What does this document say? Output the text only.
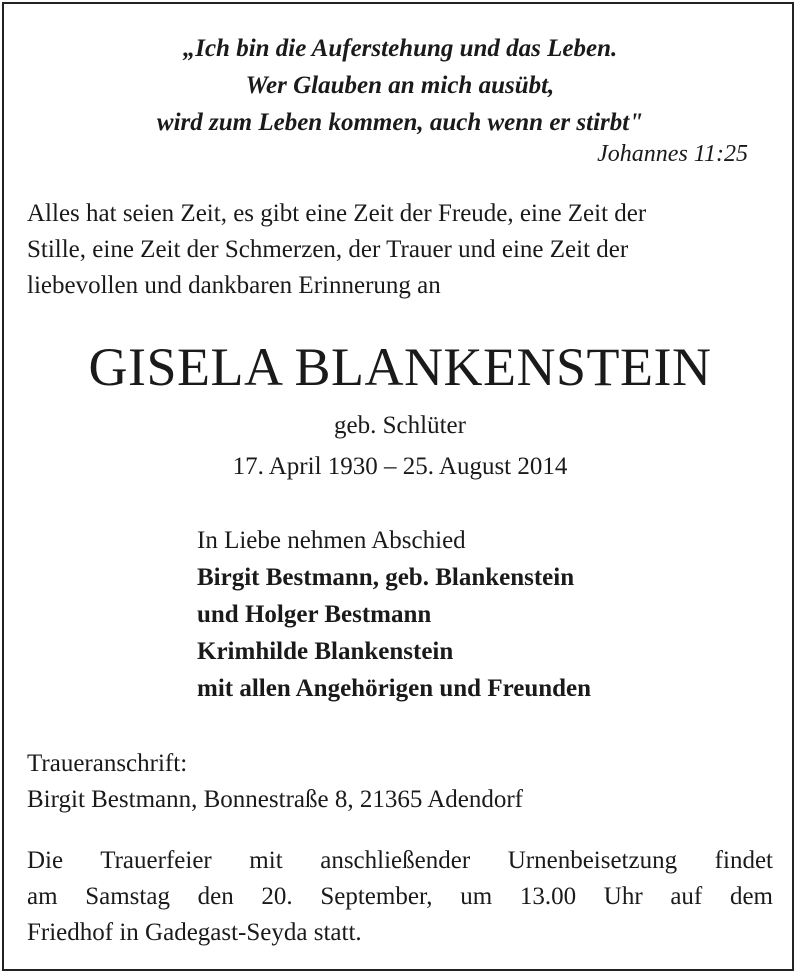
„Ich bin die Auferstehung und das Leben.
Wer Glauben an mich ausübt,
wird zum Leben kommen, auch wenn er stirbt"
Johannes 11:25
Alles hat seien Zeit, es gibt eine Zeit der Freude, eine Zeit der
Stille, eine Zeit der Schmerzen, der Trauer und eine Zeit der
liebevollen und dankbaren Erinnerung an
GISELA BLANKENSTEIN
geb. Schlüter
17. April 1930 – 25. August 2014
In Liebe nehmen Abschied
Birgit Bestmann, geb. Blankenstein
und Holger Bestmann
Krimhilde Blankenstein
mit allen Angehörigen und Freunden
Traueranschrift:
Birgit Bestmann, Bonnestraße 8, 21365 Adendorf
Die Trauerfeier mit anschließender Urnenbeisetzung findet
am Samstag den 20. September, um 13.00 Uhr auf dem
Friedhof in Gadegast-Seyda statt.
